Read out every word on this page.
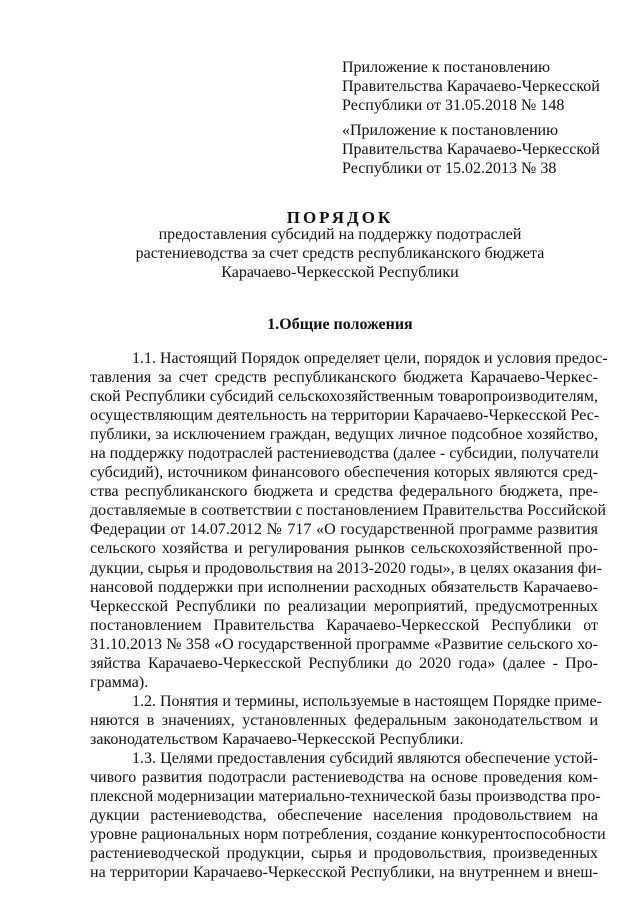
Приложение к постановлению
Правительства Карачаево-Черкесской
Республики от 31.05.2018 № 148
«Приложение к постановлению
Правительства Карачаево-Черкесской
Республики от 15.02.2013 № 38
ПОРЯДОК
предоставления субсидий на поддержку подотраслей
растениеводства за счет средств республиканского бюджета
Карачаево-Черкесской Республики
1.Общие положения
1.1. Настоящий Порядок определяет цели, порядок и условия предос-
тавления за счет средств республиканского бюджета Карачаево-Черкес-
ской Республики субсидий сельскохозяйственным товаропроизводителям,
осуществляющим деятельность на территории Карачаево-Черкесской Рес-
публики, за исключением граждан, ведущих личное подсобное хозяйство,
на поддержку подотраслей растениеводства (далее - субсидии, получатели
субсидий), источником финансового обеспечения которых являются сред-
ства республиканского бюджета и средства федерального бюджета, пре-
доставляемые в соответствии с постановлением Правительства Российской
Федерации от 14.07.2012 № 717 «О государственной программе развития
сельского хозяйства и регулирования рынков сельскохозяйственной про-
дукции, сырья и продовольствия на 2013-2020 годы», в целях оказания фи-
нансовой поддержки при исполнении расходных обязательств Карачаево-
Черкесской Республики по реализации мероприятий, предусмотренных
постановлением Правительства Карачаево-Черкесской Республики от
31.10.2013 № 358 «О государственной программе «Развитие сельского хо-
зяйства Карачаево-Черкесской Республики до 2020 года» (далее - Про-
грамма).
1.2. Понятия и термины, используемые в настоящем Порядке приме-
няются в значениях, установленных федеральным законодательством и
законодательством Карачаево-Черкесской Республики.
1.3. Целями предоставления субсидий являются обеспечение устой-
чивого развития подотрасли растениеводства на основе проведения ком-
плексной модернизации материально-технической базы производства про-
дукции растениеводства, обеспечение населения продовольствием на
уровне рациональных норм потребления, создание конкурентоспособности
растениеводческой продукции, сырья и продовольствия, произведенных
на территории Карачаево-Черкесской Республики, на внутреннем и внеш-
